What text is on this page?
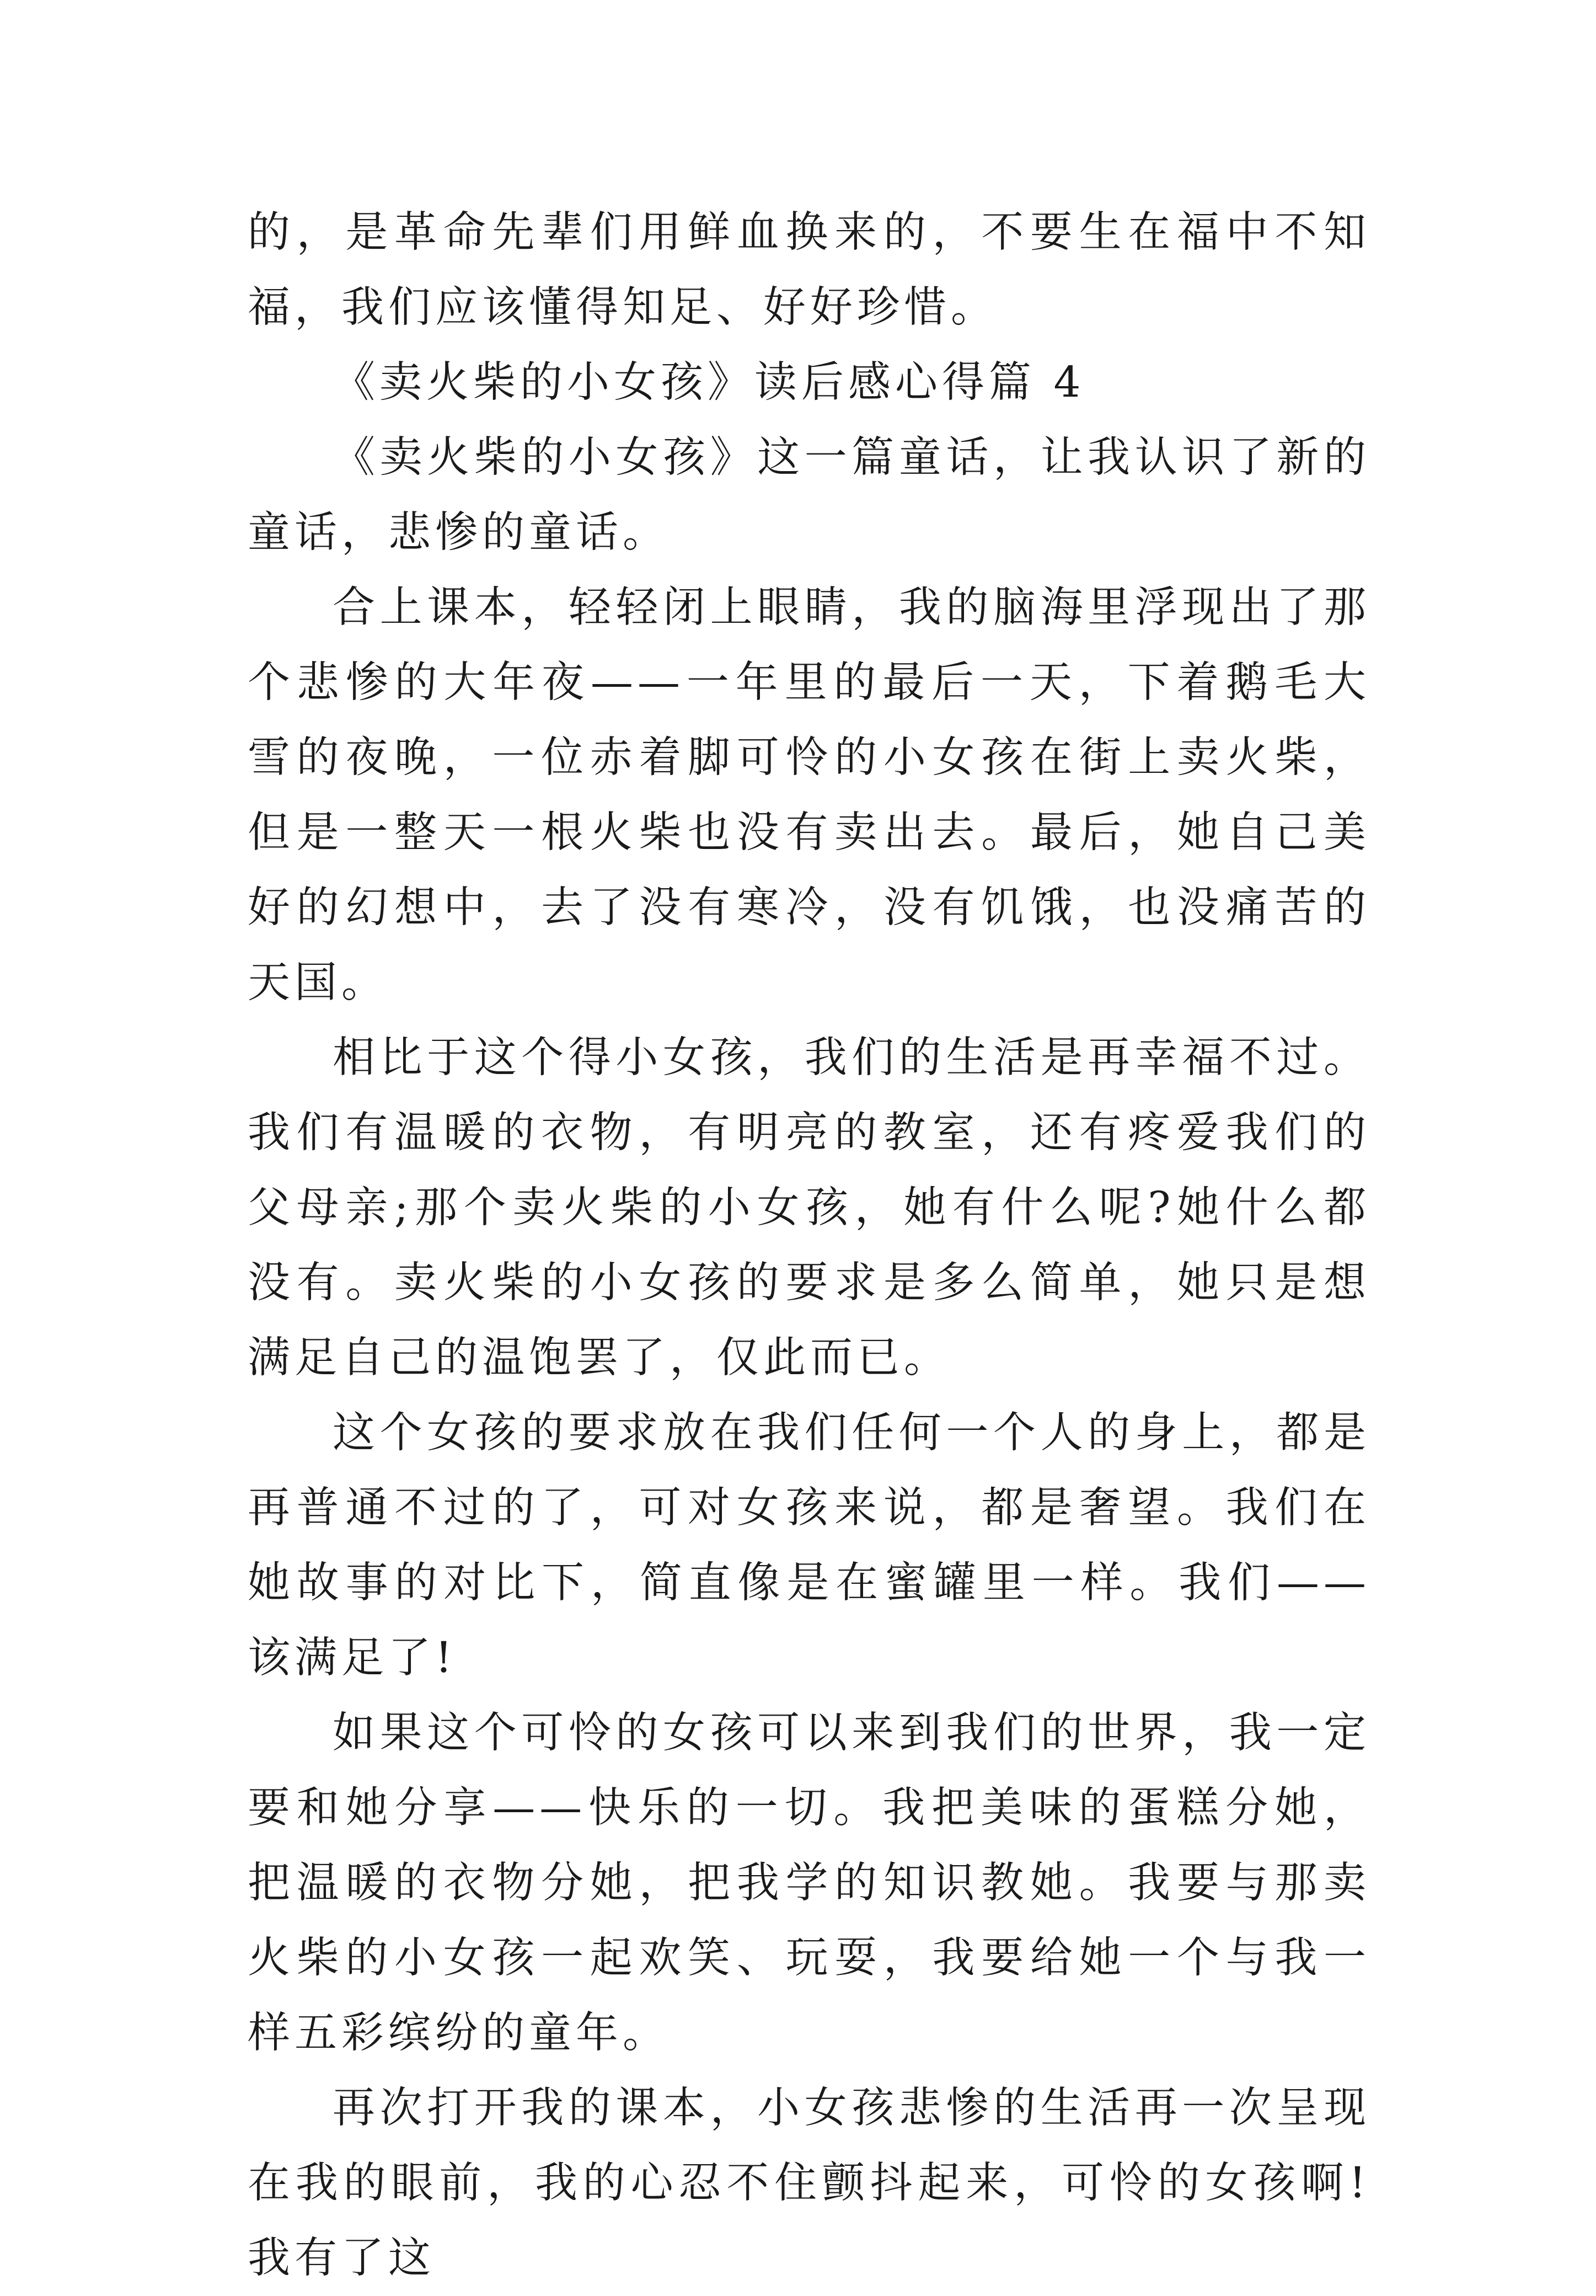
的，是革命先辈们用鲜血换来的，不要生在福中不知福，我们应该懂得知足、好好珍惜。

《卖火柴的小女孩》读后感心得篇 4

《卖火柴的小女孩》这一篇童话，让我认识了新的童话，悲惨的童话。

合上课本，轻轻闭上眼睛，我的脑海里浮现出了那个悲惨的大年夜——一年里的最后一天，下着鹅毛大雪的夜晚，一位赤着脚可怜的小女孩在街上卖火柴，但是一整天一根火柴也没有卖出去。最后，她自己美好的幻想中，去了没有寒冷，没有饥饿，也没痛苦的天国。

相比于这个得小女孩，我们的生活是再幸福不过。我们有温暖的衣物，有明亮的教室，还有疼爱我们的父母亲;那个卖火柴的小女孩，她有什么呢?她什么都没有。卖火柴的小女孩的要求是多么简单，她只是想满足自己的温饱罢了，仅此而已。

这个女孩的要求放在我们任何一个人的身上，都是再普通不过的了，可对女孩来说，都是奢望。我们在她故事的对比下，简直像是在蜜罐里一样。我们——该满足了!

如果这个可怜的女孩可以来到我们的世界，我一定要和她分享——快乐的一切。我把美味的蛋糕分她，把温暖的衣物分她，把我学的知识教她。我要与那卖火柴的小女孩一起欢笑、玩耍，我要给她一个与我一样五彩缤纷的童年。

再次打开我的课本，小女孩悲惨的生活再一次呈现在我的眼前，我的心忍不住颤抖起来，可怜的女孩啊!我有了这
